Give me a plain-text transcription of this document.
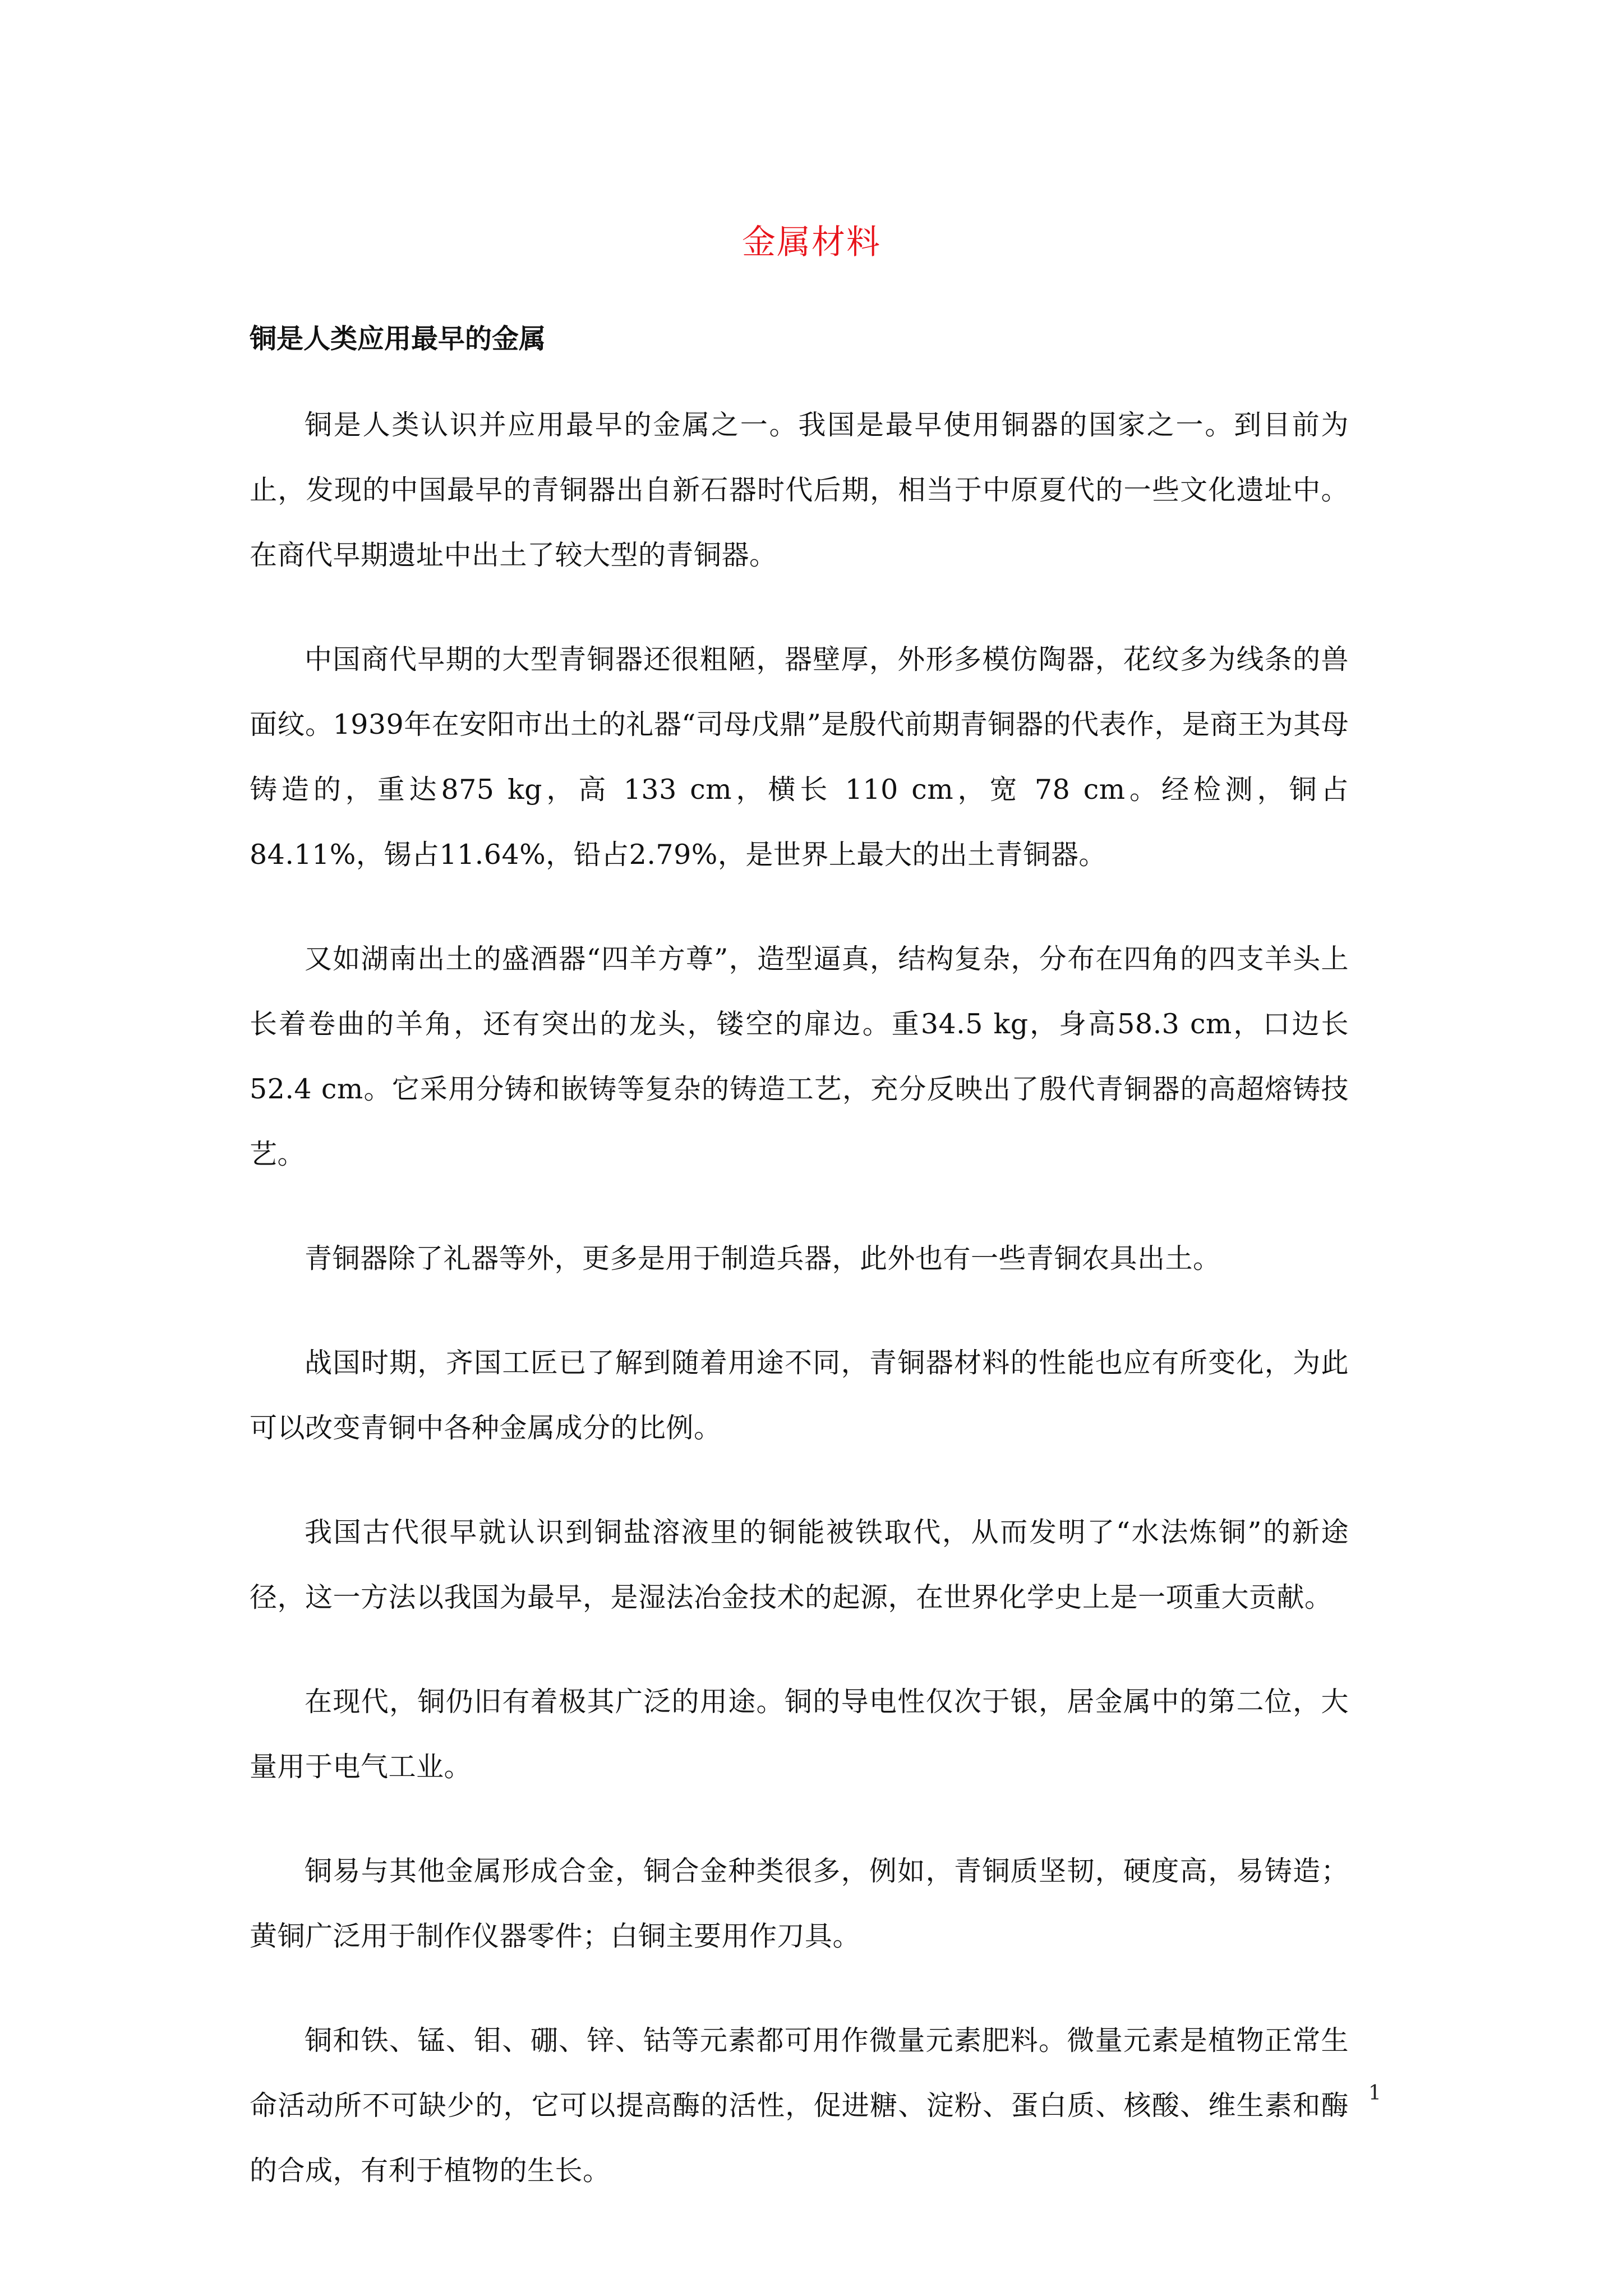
金属材料
铜是人类应用最早的金属

铜是人类认识并应用最早的金属之一。我国是最早使用铜器的国家之一。到目前为止，发现的中国最早的青铜器出自新石器时代后期，相当于中原夏代的一些文化遗址中。在商代早期遗址中出土了较大型的青铜器。

中国商代早期的大型青铜器还很粗陋，器壁厚，外形多模仿陶器，花纹多为线条的兽面纹。1939年在安阳市出土的礼器“司母戊鼎”是殷代前期青铜器的代表作，是商王为其母铸造的，重达875 kg，高 133 cm，横长 110 cm，宽 78 cm。经检测，铜占84.11%，锡占11.64%，铅占2.79%，是世界上最大的出土青铜器。

又如湖南出土的盛酒器“四羊方尊”，造型逼真，结构复杂，分布在四角的四支羊头上长着卷曲的羊角，还有突出的龙头，镂空的扉边。重34.5 kg，身高58.3 cm，口边长52.4 cm。它采用分铸和嵌铸等复杂的铸造工艺，充分反映出了殷代青铜器的高超熔铸技艺。

青铜器除了礼器等外，更多是用于制造兵器，此外也有一些青铜农具出土。

战国时期，齐国工匠已了解到随着用途不同，青铜器材料的性能也应有所变化，为此可以改变青铜中各种金属成分的比例。

我国古代很早就认识到铜盐溶液里的铜能被铁取代，从而发明了“水法炼铜”的新途径，这一方法以我国为最早，是湿法冶金技术的起源，在世界化学史上是一项重大贡献。

在现代，铜仍旧有着极其广泛的用途。铜的导电性仅次于银，居金属中的第二位，大量用于电气工业。

铜易与其他金属形成合金，铜合金种类很多，例如，青铜质坚韧，硬度高，易铸造；黄铜广泛用于制作仪器零件；白铜主要用作刀具。

铜和铁、锰、钼、硼、锌、钴等元素都可用作微量元素肥料。微量元素是植物正常生命活动所不可缺少的，它可以提高酶的活性，促进糖、淀粉、蛋白质、核酸、维生素和酶的合成，有利于植物的生长。

1
